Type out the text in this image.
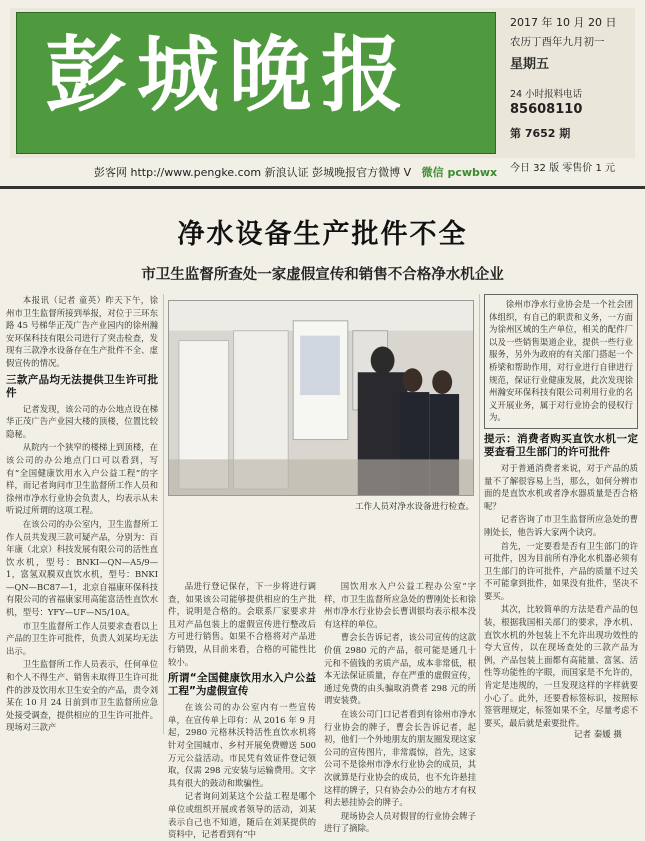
彭城晚报
2017 年 10 月 20 日
农历丁酉年九月初一
星期五
24 小时报料电话
85608110
第 7652 期
今日 32 版 零售价 1 元
彭客网 http://www.pengke.com 新浪认证 彭城晚报官方微博 V 微信 pcwbwx
净水设备生产批件不全
市卫生监督所查处一家虚假宣传和销售不合格净水机企业

本报讯（记者 童英）昨天下午，徐州市卫生监督所接到举报，对位于三环东路 45 号梯华正茂广告产业园内的徐州瀚安环保科技有限公司进行了突击检查，发现有三款净水设备存在生产批件不全、虚假宣传的情况。

三款产品均无法提供卫生许可批件

记者发现，该公司的办公地点设在梯华正茂广告产业园大楼的顶楼，位置比较隐秘。

从院内一个狭窄的楼梯上到顶楼，在该公司的办公地点门口可以看到，写有“全国健康饮用水入户公益工程”的字样，而记者询问市卫生监督所工作人员和徐州市净水行业协会负责人，均表示从未听说过所谓的这项工程。

在该公司的办公室内，卫生监督所工作人员共发现三款可疑产品，分别为：百年康（北京）科技发展有限公司的活性直饮水机，型号：BNKI—QN—A5/9—1，富氢双膜双直饮水机，型号：BNKI—QN—BC87—1，北京自福康环保科技有限公司的省福康家用高能富活性直饮水机，型号：YFY—UF—N5/10A。

市卫生监督所工作人员要求查看以上产品的卫生许可批件，负责人刘某均无法出示。

卫生监督所工作人员表示，任何单位和个人不得生产、销售未取得卫生许可批件的涉及饮用水卫生安全的产品，责令刘某在 10 月 24 日前到市卫生监督所应急处接受调查，提供相应的卫生许可批件。现场对三款产

工作人员对净水设备进行检查。

品进行登记保存，下一步将进行调查，如果该公司能够提供相应的生产批件，说明是合格的。会联系厂家要求并且对产品包装上的虚假宣传进行整改后方可进行销售。如果不合格将对产品进行销毁，从目前来看，合格的可能性比较小。

所谓“全国健康饮用水入户公益工程”为虚假宣传

在该公司的办公室内有一些宣传单，在宣传单上印有：从 2016 年 9 月起，2980 元格林沃特活性直饮水机将针对全国城市、乡村开展免费赠送 500 万元公益活动。市民凭有效证件登记领取，仅需 298 元安装与运输费用。文字具有很大的鼓动和欺骗性。

记者询问刘某这个公益工程是哪个单位或组织开展或者领导的活动，刘某表示自己也不知道，随后在刘某提供的资料中，记者看到有“中

国饮用水入户公益工程办公室”字样，市卫生监督所应急处的曹刚处长和徐州市净水行业协会长曹训银均表示根本没有这样的单位。

曹会长告诉记者，该公司宣传的这款价值 2980 元的产品，很可能是通几十元和不值钱的劣质产品，成本非常低，根本无法保证质量，存在严重的虚假宣传，通过免费的由头骗取消费者 298 元的所谓安装费。

在该公司门口记者看到有徐州市净水行业协会的牌子，曹会长告诉记者，起初，他们一个外地朋友的朋友圈发现这家公司的宣传图片，非常震惊，首先，这家公司不是徐州市净水行业协会的成员，其次就算是行业协会的成员，也不允许悬挂这样的牌子，只有协会办公的地方才有权利去悬挂协会的牌子。

现场协会人员对假冒的行业协会牌子进行了摘除。

徐州市净水行业协会是一个社会团体组织，有自己的职责和义务，一方面为徐州区域的生产单位，相关的配件厂以及一些销售渠道企业，提供一些行业服务，另外为政府的有关部门搭起一个桥梁和帮助作用，对行业进行自律进行规范，保证行业健康发展，此次发现徐州瀚安环保科技有限公司利用行业的名义开展业务，属于对行业协会的侵权行为。

提示：消费者购买直饮水机一定要查看卫生部门的许可批件

对于普通消费者来说，对于产品的质量不了解很容易上当，那么，如何分辨市面的是直饮水机或者净水器质量是否合格呢？

记者咨询了市卫生监督所应急处的曹刚处长，他告诉大家两个诀窍。

首先，一定要看是否有卫生部门的许可批件，因为目前所有净化水机器必须有卫生部门的许可批件，产品的质量不过关不可能拿到批件，如果没有批件，坚决不要买。

其次，比较简单的方法是看产品的包装，根据我国相关部门的要求，净水机、直饮水机的外包装上不允许出现功效性的夸大宣传，以在现场查处的三款产品为例，产品包装上面都有高能量、富氢、活性等功能性的字眼，而国家是不允许的，肯定是违规的，一旦发现这样的字样就要小心了。此外，还要看标签标识，按照标签管理规定，标签如果不全，尽量考虑不要买，最后就是索要批件。

记者 秦媛 摄
